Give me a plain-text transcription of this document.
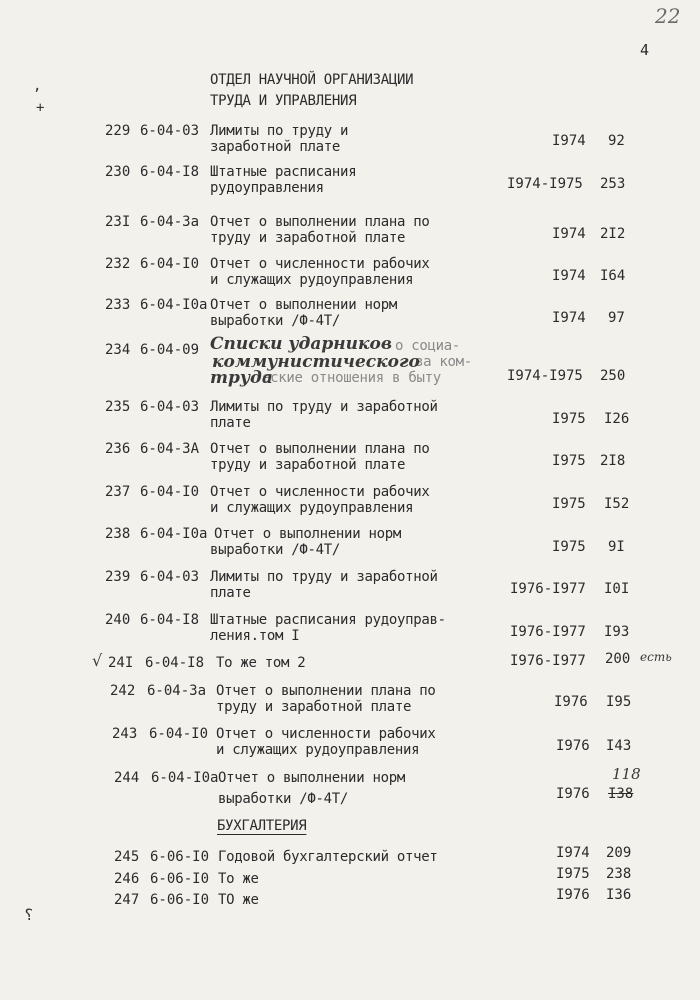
22
4
,
+
⸮
ОТДЕЛ НАУЧНОЙ ОРГАНИЗАЦИИ
ТРУДА И УПРАВЛЕНИЯ
229 6-04-03 Лимиты по труду и
заработной плате	I974 92
230 6-04-I8 Штатные расписания
рудоуправления	I974-I975 253
23I 6-04-3а Отчет о выполнении плана по
труду и заработной плате	I974 2I2
232 6-04-I0 Отчет о численности рабочих
и служащих рудоуправления	I974 I64
233 6-04-I0а Отчет о выполнении норм
выработки /Ф-4Т/	I974 97
234 6-04-09	о социа-
за ком-
еские отношения в быту
Списки ударников
коммунистического
труда	I974-I975 250
235 6-04-03 Лимиты по труду и заработной
плате	I975 I26
236 6-04-3А Отчет о выполнении плана по
труду и заработной плате	I975 2I8
237 6-04-I0 Отчет о численности рабочих
и служащих рудоуправления	I975 I52
238 6-04-I0а Отчет о выполнении норм
выработки /Ф-4Т/	I975 9I
239 6-04-03 Лимиты по труду и заработной
плате	I976-I977 I0I
240 6-04-I8 Штатные расписания рудоуправ-
ления.том I	I976-I977 I93
√ 24I 6-04-I8 То же том 2	I976-I977 200 есть
242 6-04-3а Отчет о выполнении плана по
труду и заработной плате	I976 I95
243 6-04-I0 Отчет о численности рабочих
и служащих рудоуправления	I976 I43
244 6-04-I0а Отчет о выполнении норм
выработки /Ф-4Т/	I976 I38
118
БУХГАЛТЕРИЯ
245 6-06-I0 Годовой бухгалтерский отчет	I974 209
246 6-06-I0 То же	I975 238
247 6-06-I0 ТО же	I976 I36
